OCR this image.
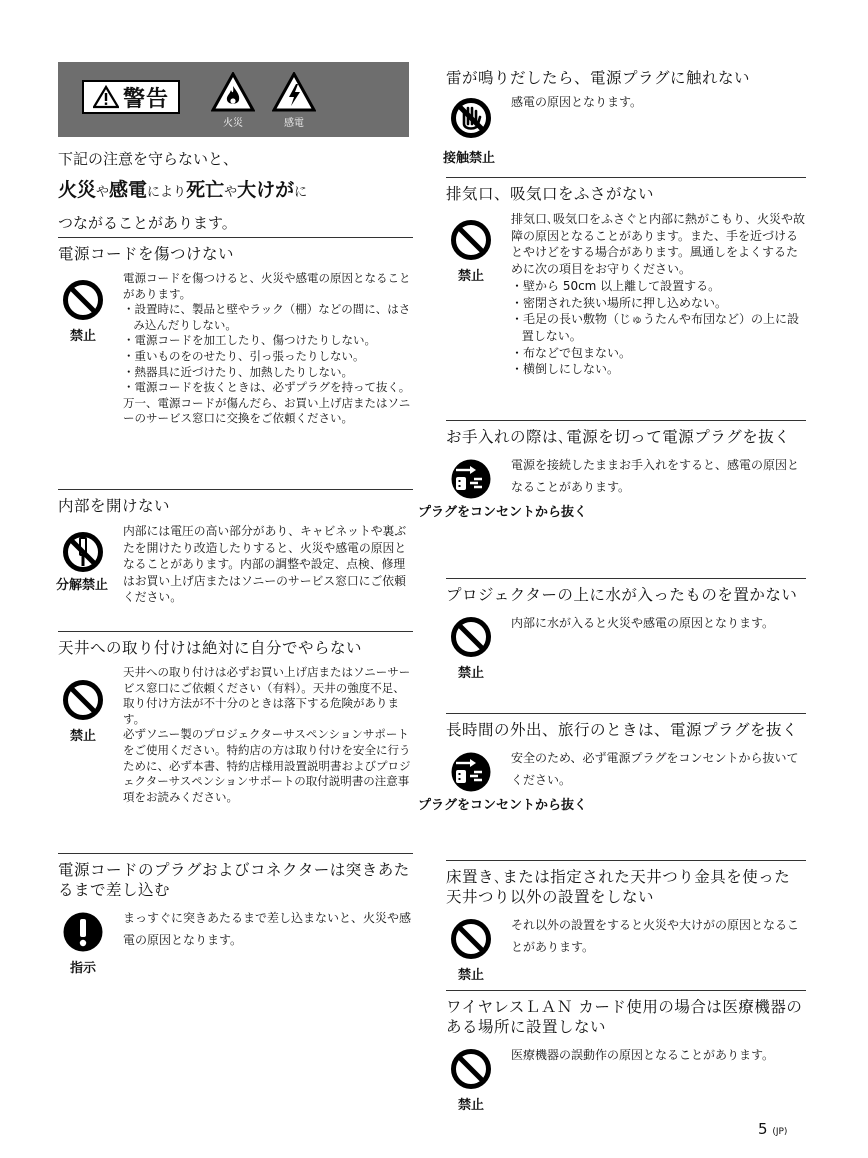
警告
火災	感電

下記の注意を守らないと、

火災や感電により死亡や大けがに

つながることがあります。

電源コードを傷つけない
禁止

電源コードを傷つけると、火災や感電の原因となることがあります。

・設置時に、製品と壁やラック（棚）などの間に、はさみ込んだりしない。
・電源コードを加工したり、傷つけたりしない。
・重いものをのせたり、引っ張ったりしない。
・熱器具に近づけたり、加熱したりしない。
・電源コードを抜くときは、必ずプラグを持って抜く。

万一、電源コードが傷んだら、お買い上げ店またはソニーのサービス窓口に交換をご依頼ください。

内部を開けない
分解禁止
内部には電圧の高い部分があり、キャビネットや裏ぶたを開けたり改造したりすると、火災や感電の原因となることがあります。内部の調整や設定、点検、修理はお買い上げ店またはソニーのサービス窓口にご依頼ください。
天井への取り付けは絶対に自分でやらない
禁止

天井への取り付けは必ずお買い上げ店またはソニーサービス窓口にご依頼ください（有料）。天井の強度不足、取り付け方法が不十分のときは落下する危険があります。

必ずソニー製のプロジェクターサスペンションサポートをご使用ください。特約店の方は取り付けを安全に行うために、必ず本書、特約店様用設置説明書およびプロジェクターサスペンションサポートの取付説明書の注意事項をお読みください。

電源コードのプラグおよびコネクターは突きあたるまで差し込む
指示
まっすぐに突きあたるまで差し込まないと、火災や感電の原因となります。
雷が鳴りだしたら、電源プラグに触れない
接触禁止
感電の原因となります。
排気口、吸気口をふさがない
禁止

排気口､吸気口をふさぐと内部に熱がこもり、火災や故障の原因となることがあります。また、手を近づけるとやけどをする場合があります。風通しをよくするために次の項目をお守りください。

・壁から 50cm 以上離して設置する。
・密閉された狭い場所に押し込めない。
・毛足の長い敷物（じゅうたんや布団など）の上に設置しない。
・布などで包まない。
・横倒しにしない。
お手入れの際は､電源を切って電源プラグを抜く
プラグをコンセントから抜く
電源を接続したままお手入れをすると、感電の原因となることがあります。
プロジェクターの上に水が入ったものを置かない
禁止
内部に水が入ると火災や感電の原因となります。
長時間の外出、旅行のときは、電源プラグを抜く
プラグをコンセントから抜く
安全のため、必ず電源プラグをコンセントから抜いてください。
床置き､または指定された天井つり金具を使った天井つり以外の設置をしない
禁止
それ以外の設置をすると火災や大けがの原因となることがあります。
ワイヤレスＬＡＮ カード使用の場合は医療機器のある場所に設置しない
禁止
医療機器の誤動作の原因となることがあります。
5 (JP)
